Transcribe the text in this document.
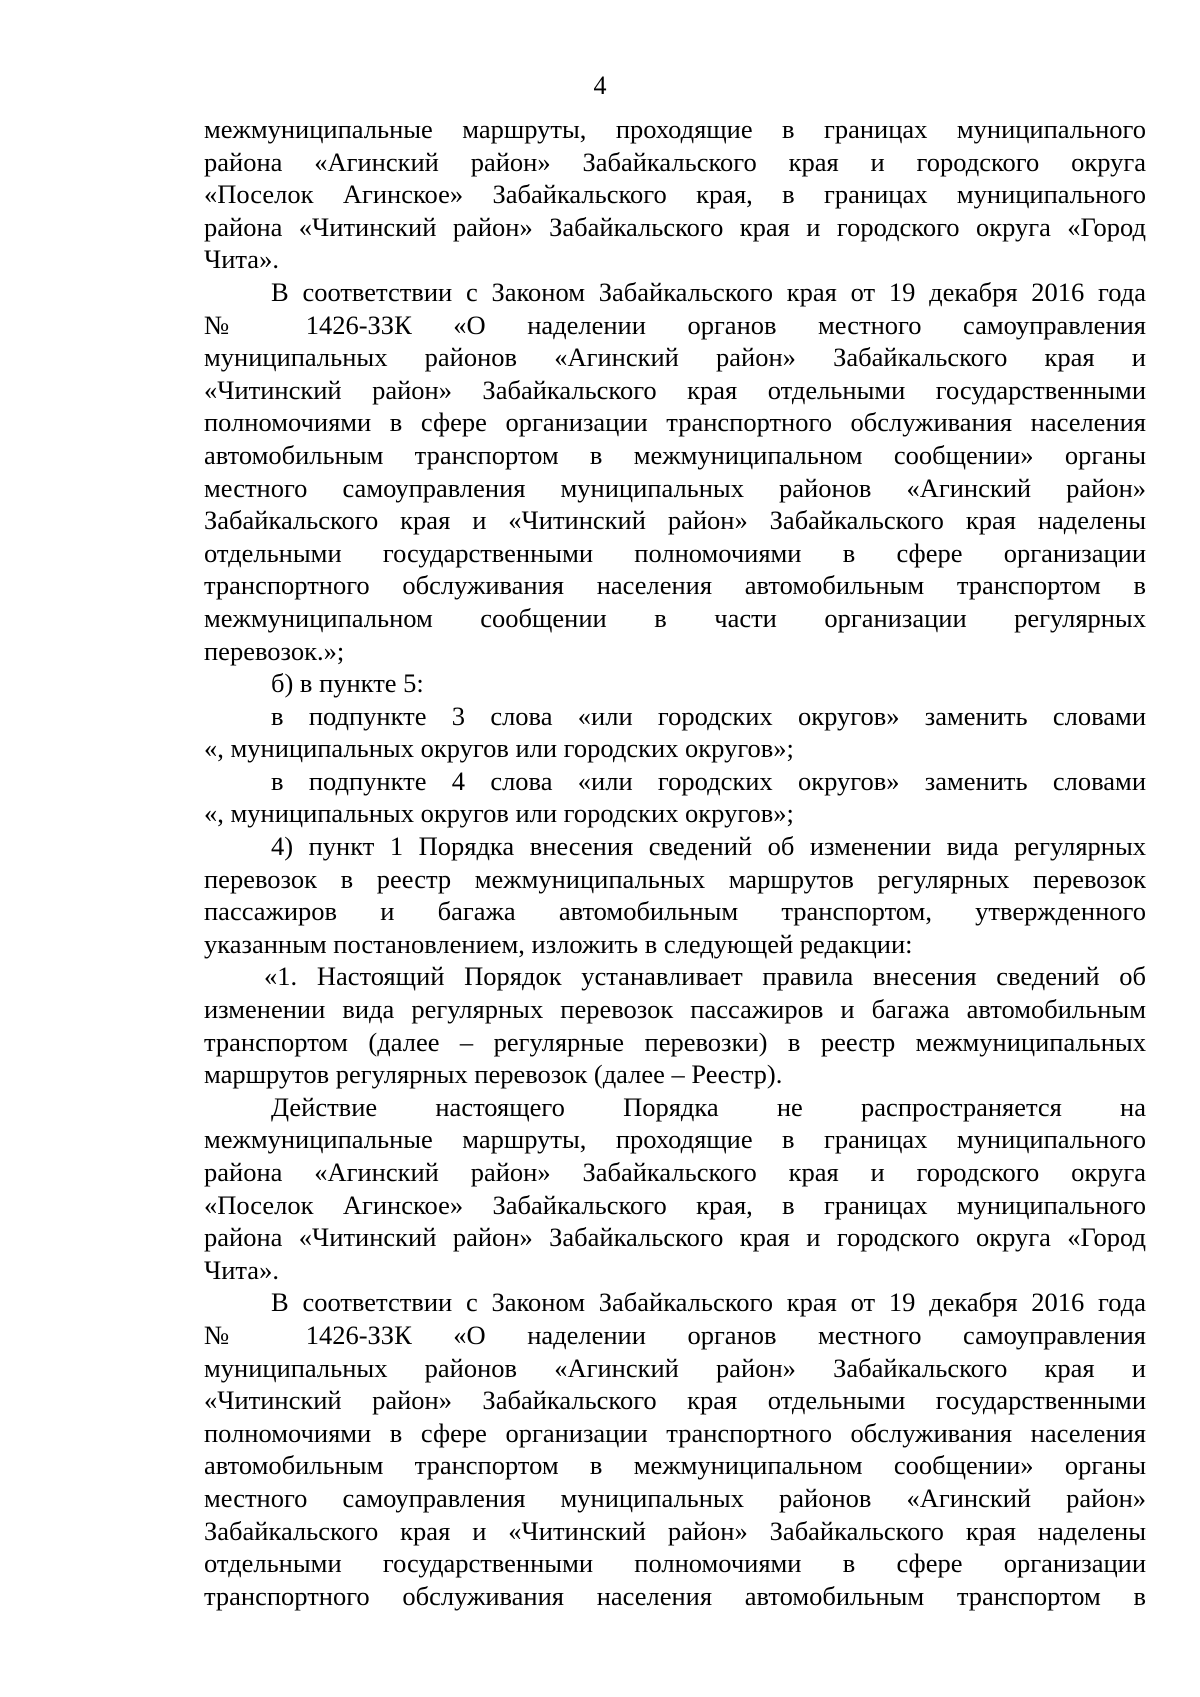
4
межмуниципальные маршруты, проходящие в границах муниципального
района «Агинский район» Забайкальского края и городского округа
«Поселок Агинское» Забайкальского края, в границах муниципального
района «Читинский район» Забайкальского края и городского округа «Город
Чита».
В соответствии с Законом Забайкальского края от 19 декабря 2016 года
№ 1426-ЗЗК «О наделении органов местного самоуправления
муниципальных районов «Агинский район» Забайкальского края и
«Читинский район» Забайкальского края отдельными государственными
полномочиями в сфере организации транспортного обслуживания населения
автомобильным транспортом в межмуниципальном сообщении» органы
местного самоуправления муниципальных районов «Агинский район»
Забайкальского края и «Читинский район» Забайкальского края наделены
отдельными государственными полномочиями в сфере организации
транспортного обслуживания населения автомобильным транспортом в
межмуниципальном сообщении в части организации регулярных
перевозок.»;
б) в пункте 5:
в подпункте 3 слова «или городских округов» заменить словами
«, муниципальных округов или городских округов»;
в подпункте 4 слова «или городских округов» заменить словами
«, муниципальных округов или городских округов»;
4) пункт 1 Порядка внесения сведений об изменении вида регулярных
перевозок в реестр межмуниципальных маршрутов регулярных перевозок
пассажиров и багажа автомобильным транспортом, утвержденного
указанным постановлением, изложить в следующей редакции:
«1. Настоящий Порядок устанавливает правила внесения сведений об
изменении вида регулярных перевозок пассажиров и багажа автомобильным
транспортом (далее – регулярные перевозки) в реестр межмуниципальных
маршрутов регулярных перевозок (далее – Реестр).
Действие настоящего Порядка не распространяется на
межмуниципальные маршруты, проходящие в границах муниципального
района «Агинский район» Забайкальского края и городского округа
«Поселок Агинское» Забайкальского края, в границах муниципального
района «Читинский район» Забайкальского края и городского округа «Город
Чита».
В соответствии с Законом Забайкальского края от 19 декабря 2016 года
№ 1426-ЗЗК «О наделении органов местного самоуправления
муниципальных районов «Агинский район» Забайкальского края и
«Читинский район» Забайкальского края отдельными государственными
полномочиями в сфере организации транспортного обслуживания населения
автомобильным транспортом в межмуниципальном сообщении» органы
местного самоуправления муниципальных районов «Агинский район»
Забайкальского края и «Читинский район» Забайкальского края наделены
отдельными государственными полномочиями в сфере организации
транспортного обслуживания населения автомобильным транспортом в
